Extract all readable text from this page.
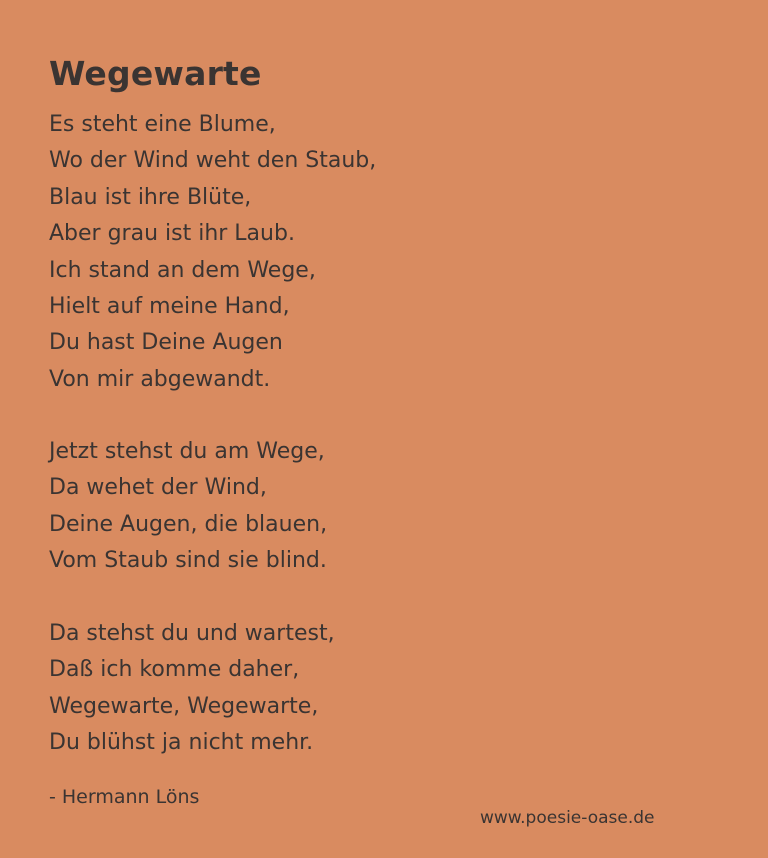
Wegewarte
Es steht eine Blume,
Wo der Wind weht den Staub,
Blau ist ihre Blüte,
Aber grau ist ihr Laub.
Ich stand an dem Wege,
Hielt auf meine Hand,
Du hast Deine Augen
Von mir abgewandt.
Jetzt stehst du am Wege,
Da wehet der Wind,
Deine Augen, die blauen,
Vom Staub sind sie blind.
Da stehst du und wartest,
Daß ich komme daher,
Wegewarte, Wegewarte,
Du blühst ja nicht mehr.
- Hermann Löns
www.poesie-oase.de
